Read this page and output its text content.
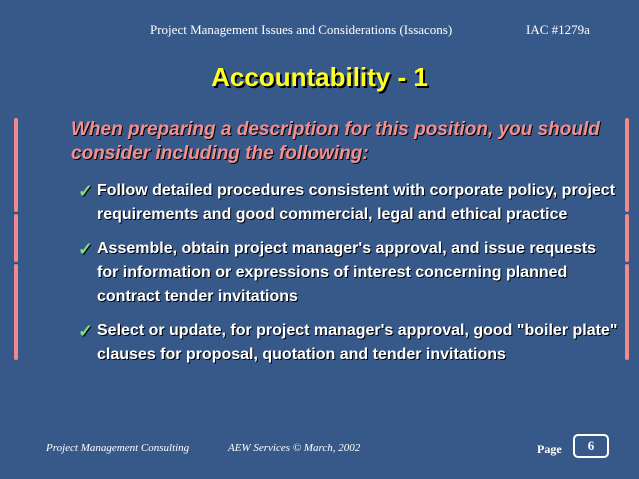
Project Management Issues and Considerations (Issacons)	IAC #1279a
Accountability - 1
When preparing a description for this position, you should consider including the following:
✓ Follow detailed procedures consistent with corporate policy, project requirements and good commercial, legal and ethical practice
✓ Assemble, obtain project manager's approval, and issue requests for information or expressions of interest concerning planned contract tender invitations
✓ Select or update, for project manager's approval, good "boiler plate" clauses for proposal, quotation and tender invitations
Project Management Consulting	AEW Services © March, 2002	Page	6
